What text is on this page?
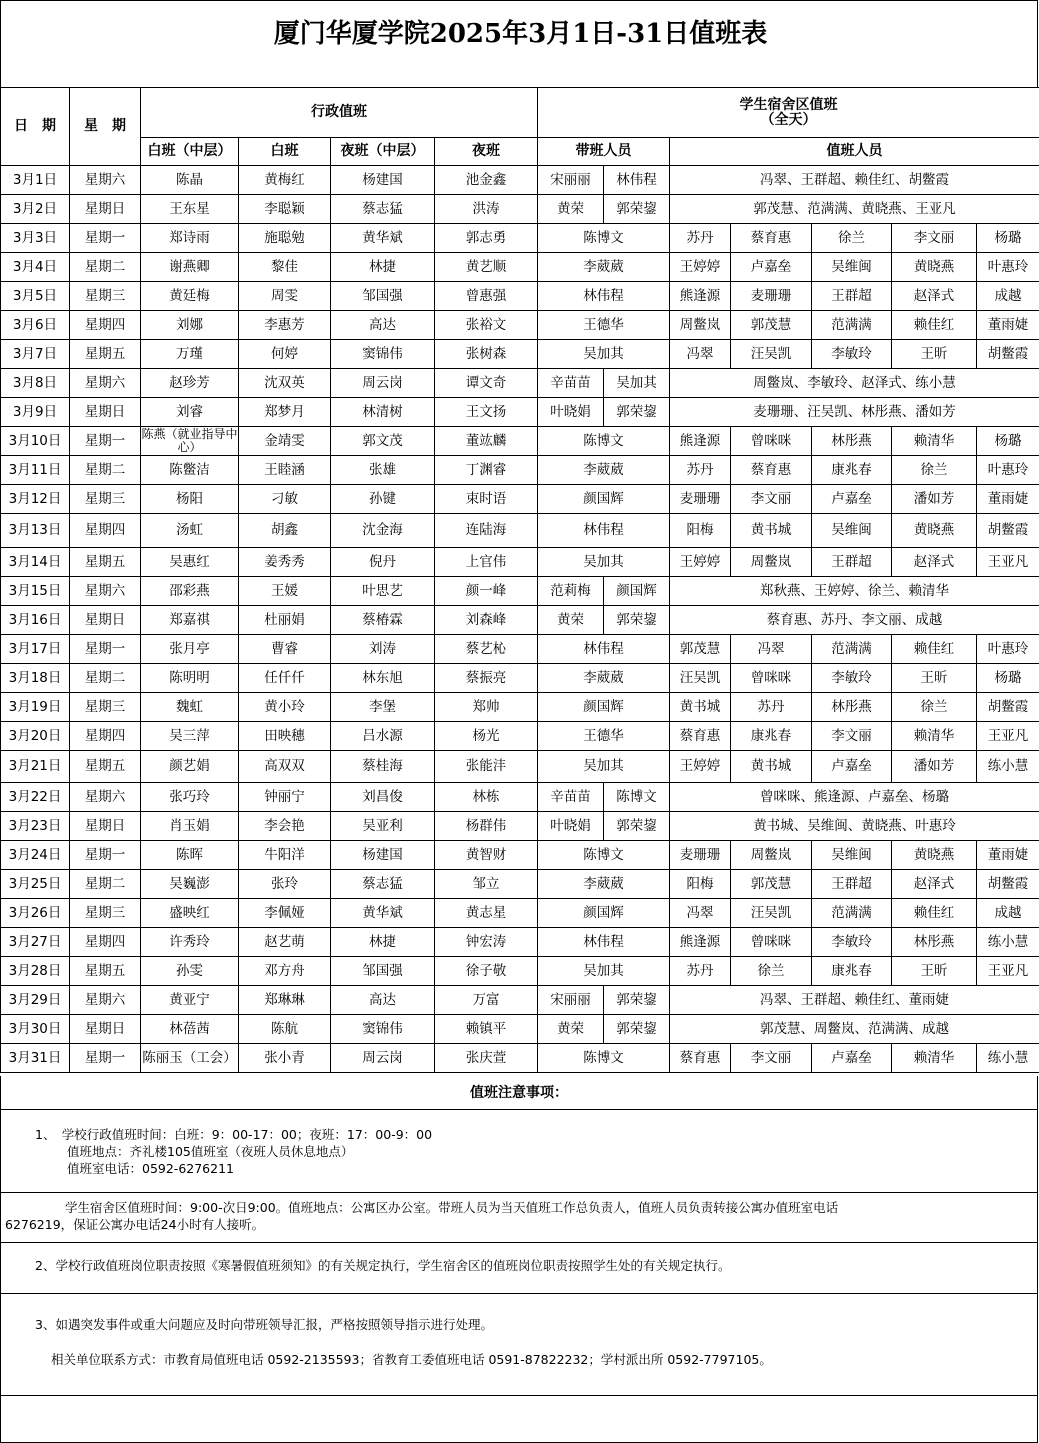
厦门华厦学院2025年3月1日-31日值班表
日　期	星　期	行政值班				学生宿舍区值班
（全天）						

		白班（中层）	白班	夜班（中层）	夜班	带班人员		值班人员				
3月1日	星期六	陈晶	黄梅红	杨建国	池金鑫	宋丽丽	林伟程	冯翠、王群超、赖佳红、胡鳖霞				
3月2日	星期日	王东星	李聪颖	蔡志猛	洪涛	黄荣	郭荣鋆	郭茂慧、范满满、黄晓燕、王亚凡				
3月3日	星期一	郑诗雨	施聪勉	黄华斌	郭志勇	陈博文		苏丹	蔡育惠	徐兰	李文丽	杨璐
3月4日	星期二	谢燕卿	黎佳	林捷	黄艺顺	李葳葳		王婷婷	卢嘉垒	吴维闽	黄晓燕	叶惠玲
3月5日	星期三	黄廷梅	周雯	邹国强	曾惠强	林伟程		熊逢源	麦珊珊	王群超	赵泽式	成越
3月6日	星期四	刘娜	李惠芳	高达	张裕文	王德华		周鳖岚	郭茂慧	范满满	赖佳红	董雨婕
3月7日	星期五	万瑾	何婷	窦锦伟	张树森	吴加其		冯翠	汪吴凯	李敏玲	王昕	胡鳖霞
3月8日	星期六	赵珍芳	沈双英	周云岗	谭文奇	辛苗苗	吴加其	周鳖岚、李敏玲、赵泽式、练小慧				
3月9日	星期日	刘睿	郑梦月	林清树	王文扬	叶晓娟	郭荣鋆	麦珊珊、汪吴凯、林彤燕、潘如芳				
3月10日	星期一	陈燕（就业指导中心）	金靖雯	郭文茂	董竑麟	陈博文		熊逢源	曾咪咪	林彤燕	赖清华	杨璐
3月11日	星期二	陈鳖洁	王睦涵	张雄	丁渊睿	李葳葳		苏丹	蔡育惠	康兆春	徐兰	叶惠玲
3月12日	星期三	杨阳	刁敏	孙键	束时语	颜国辉		麦珊珊	李文丽	卢嘉垒	潘如芳	董雨婕
3月13日	星期四	汤虹	胡鑫	沈金海	连陆海	林伟程		阳梅	黄书城	吴维闽	黄晓燕	胡鳖霞
3月14日	星期五	吴惠红	姜秀秀	倪丹	上官伟	吴加其		王婷婷	周鳖岚	王群超	赵泽式	王亚凡
3月15日	星期六	邵彩燕	王媛	叶思艺	颜一峰	范莉梅	颜国辉	郑秋燕、王婷婷、徐兰、赖清华				
3月16日	星期日	郑嘉祺	杜丽娟	蔡椿霖	刘森峰	黄荣	郭荣鋆	蔡育惠、苏丹、李文丽、成越				
3月17日	星期一	张月亭	曹睿	刘涛	蔡艺杺	林伟程		郭茂慧	冯翠	范满满	赖佳红	叶惠玲
3月18日	星期二	陈明明	任仟仟	林东旭	蔡振亮	李葳葳		汪吴凯	曾咪咪	李敏玲	王昕	杨璐
3月19日	星期三	魏虹	黄小玲	李堡	郑帅	颜国辉		黄书城	苏丹	林彤燕	徐兰	胡鳖霞
3月20日	星期四	吴三萍	田映穗	吕水源	杨光	王德华		蔡育惠	康兆春	李文丽	赖清华	王亚凡
3月21日	星期五	颜艺娟	高双双	蔡桂海	张能沣	吴加其		王婷婷	黄书城	卢嘉垒	潘如芳	练小慧
3月22日	星期六	张巧玲	钟丽宁	刘昌俊	林栋	辛苗苗	陈博文	曾咪咪、熊逢源、卢嘉垒、杨璐				
3月23日	星期日	肖玉娟	李会艳	吴亚利	杨群伟	叶晓娟	郭荣鋆	黄书城、吴维闽、黄晓燕、叶惠玲				
3月24日	星期一	陈晖	牛阳洋	杨建国	黄智财	陈博文		麦珊珊	周鳖岚	吴维闽	黄晓燕	董雨婕
3月25日	星期二	吴巍澎	张玲	蔡志猛	邹立	李葳葳		阳梅	郭茂慧	王群超	赵泽式	胡鳖霞
3月26日	星期三	盛映红	李佩娅	黄华斌	黄志星	颜国辉		冯翠	汪吴凯	范满满	赖佳红	成越
3月27日	星期四	许秀玲	赵艺萌	林捷	钟宏涛	林伟程		熊逢源	曾咪咪	李敏玲	林彤燕	练小慧
3月28日	星期五	孙雯	邓方舟	邹国强	徐子敬	吴加其		苏丹	徐兰	康兆春	王昕	王亚凡
3月29日	星期六	黄亚宁	郑琳琳	高达	万富	宋丽丽	郭荣鋆	冯翠、王群超、赖佳红、董雨婕				
3月30日	星期日	林蓓茜	陈航	窦锦伟	赖镇平	黄荣	郭荣鋆	郭茂慧、周鳖岚、范满满、成越				
3月31日	星期一	陈丽玉（工会）	张小青	周云岗	张庆萱	陈博文		蔡育惠	李文丽	卢嘉垒	赖清华	练小慧
值班注意事项：
1、　学校行政值班时间：白班：9：00-17：00；夜班：17：00-9：00
值班地点：齐礼楼105值班室（夜班人员休息地点）
值班室电话：0592-6276211
学生宿舍区值班时间：9:00-次日9:00。值班地点：公寓区办公室。带班人员为当天值班工作总负责人，值班人员负责转接公寓办值班室电话
6276219，保证公寓办电话24小时有人接听。
2、学校行政值班岗位职责按照《寒暑假值班须知》的有关规定执行，学生宿舍区的值班岗位职责按照学生处的有关规定执行。
3、如遇突发事件或重大问题应及时向带班领导汇报，严格按照领导指示进行处理。
相关单位联系方式：市教育局值班电话 0592-2135593；省教育工委值班电话 0591-87822232；学村派出所 0592-7797105。
